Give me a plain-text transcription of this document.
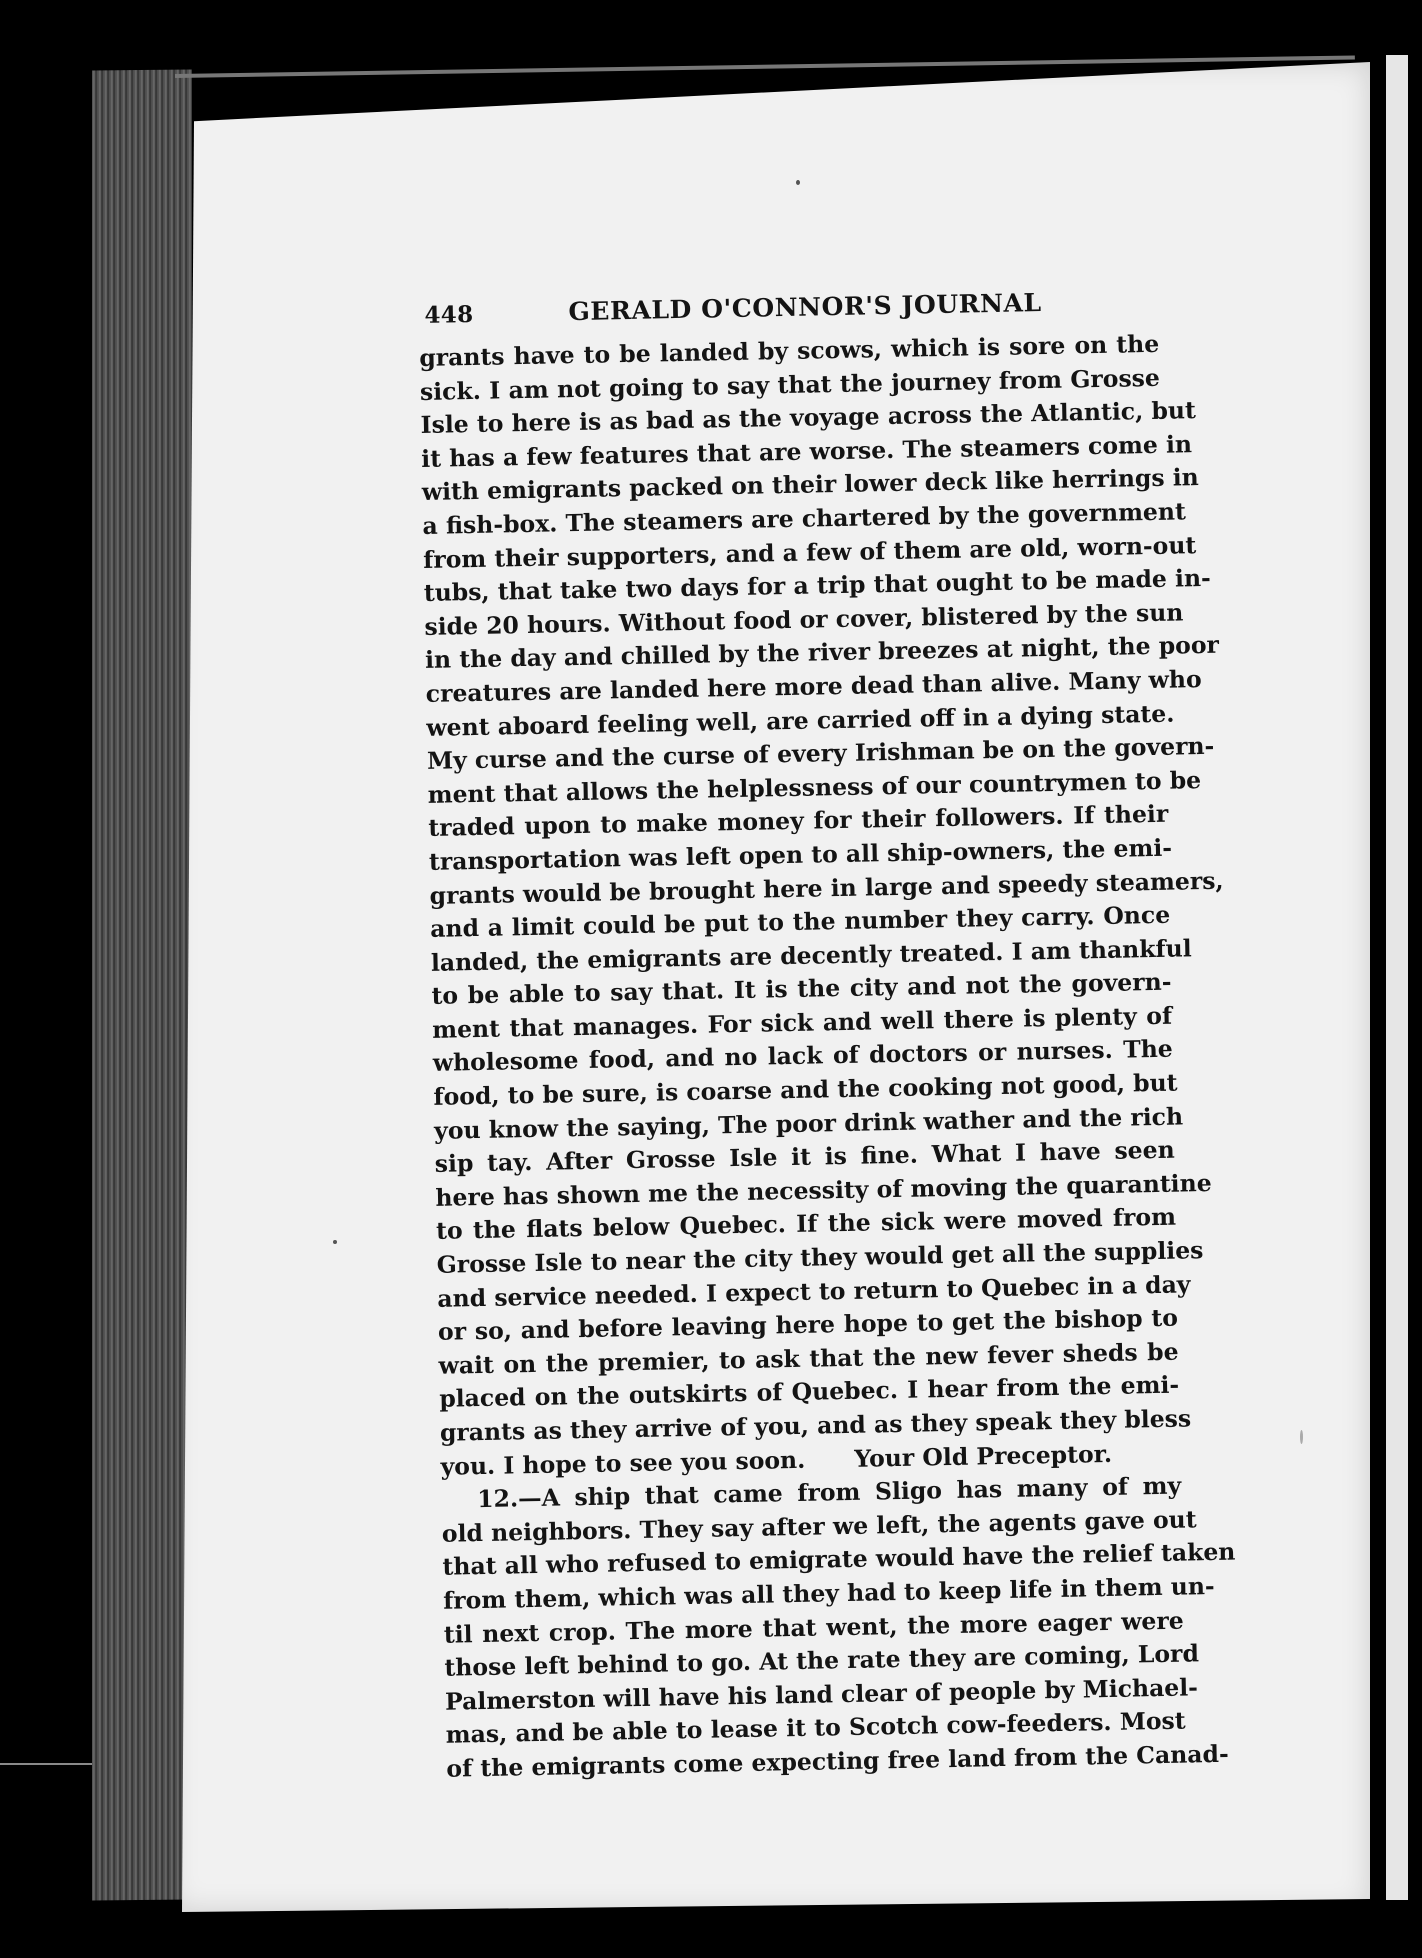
448	GERALD O'CONNOR'S JOURNAL
grants have to be landed by scows, which is sore on the
sick. I am not going to say that the journey from Grosse
Isle to here is as bad as the voyage across the Atlantic, but
it has a few features that are worse. The steamers come in
with emigrants packed on their lower deck like herrings in
a fish-box. The steamers are chartered by the government
from their supporters, and a few of them are old, worn-out
tubs, that take two days for a trip that ought to be made in-
side 20 hours. Without food or cover, blistered by the sun
in the day and chilled by the river breezes at night, the poor
creatures are landed here more dead than alive. Many who
went aboard feeling well, are carried off in a dying state.
My curse and the curse of every Irishman be on the govern-
ment that allows the helplessness of our countrymen to be
traded upon to make money for their followers. If their
transportation was left open to all ship-owners, the emi-
grants would be brought here in large and speedy steamers,
and a limit could be put to the number they carry. Once
landed, the emigrants are decently treated. I am thankful
to be able to say that. It is the city and not the govern-
ment that manages. For sick and well there is plenty of
wholesome food, and no lack of doctors or nurses. The
food, to be sure, is coarse and the cooking not good, but
you know the saying, The poor drink wather and the rich
sip tay. After Grosse Isle it is fine. What I have seen
here has shown me the necessity of moving the quarantine
to the flats below Quebec. If the sick were moved from
Grosse Isle to near the city they would get all the supplies
and service needed. I expect to return to Quebec in a day
or so, and before leaving here hope to get the bishop to
wait on the premier, to ask that the new fever sheds be
placed on the outskirts of Quebec. I hear from the emi-
grants as they arrive of you, and as they speak they bless
you. I hope to see you soon.      Your Old Preceptor.
12.—A ship that came from Sligo has many of my
old neighbors. They say after we left, the agents gave out
that all who refused to emigrate would have the relief taken
from them, which was all they had to keep life in them un-
til next crop. The more that went, the more eager were
those left behind to go. At the rate they are coming, Lord
Palmerston will have his land clear of people by Michael-
mas, and be able to lease it to Scotch cow-feeders. Most
of the emigrants come expecting free land from the Canad-
